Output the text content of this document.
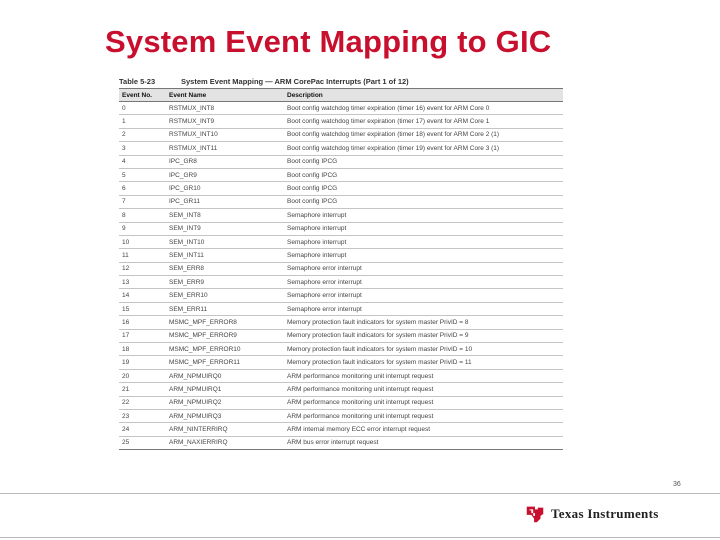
System Event Mapping to GIC
Table 5-23	System Event Mapping — ARM CorePac Interrupts (Part 1 of 12)
Event No.	Event Name	Description
0	RSTMUX_INT8	Boot config watchdog timer expiration (timer 16) event for ARM Core 0
1	RSTMUX_INT9	Boot config watchdog timer expiration (timer 17) event for ARM Core 1
2	RSTMUX_INT10	Boot config watchdog timer expiration (timer 18) event for ARM Core 2 (1)
3	RSTMUX_INT11	Boot config watchdog timer expiration (timer 19) event for ARM Core 3 (1)
4	IPC_GR8	Boot config IPCG
5	IPC_GR9	Boot config IPCG
6	IPC_GR10	Boot config IPCG
7	IPC_GR11	Boot config IPCG
8	SEM_INT8	Semaphore interrupt
9	SEM_INT9	Semaphore interrupt
10	SEM_INT10	Semaphore interrupt
11	SEM_INT11	Semaphore interrupt
12	SEM_ERR8	Semaphore error interrupt
13	SEM_ERR9	Semaphore error interrupt
14	SEM_ERR10	Semaphore error interrupt
15	SEM_ERR11	Semaphore error interrupt
16	MSMC_MPF_ERROR8	Memory protection fault indicators for system master PrivID = 8
17	MSMC_MPF_ERROR9	Memory protection fault indicators for system master PrivID = 9
18	MSMC_MPF_ERROR10	Memory protection fault indicators for system master PrivID = 10
19	MSMC_MPF_ERROR11	Memory protection fault indicators for system master PrivID = 11
20	ARM_NPMUIRQ0	ARM performance monitoring unit interrupt request
21	ARM_NPMUIRQ1	ARM performance monitoring unit interrupt request
22	ARM_NPMUIRQ2	ARM performance monitoring unit interrupt request
23	ARM_NPMUIRQ3	ARM performance monitoring unit interrupt request
24	ARM_NINTERRIRQ	ARM internal memory ECC error interrupt request
25	ARM_NAXIERRIRQ	ARM bus error interrupt request
36
Texas Instruments
